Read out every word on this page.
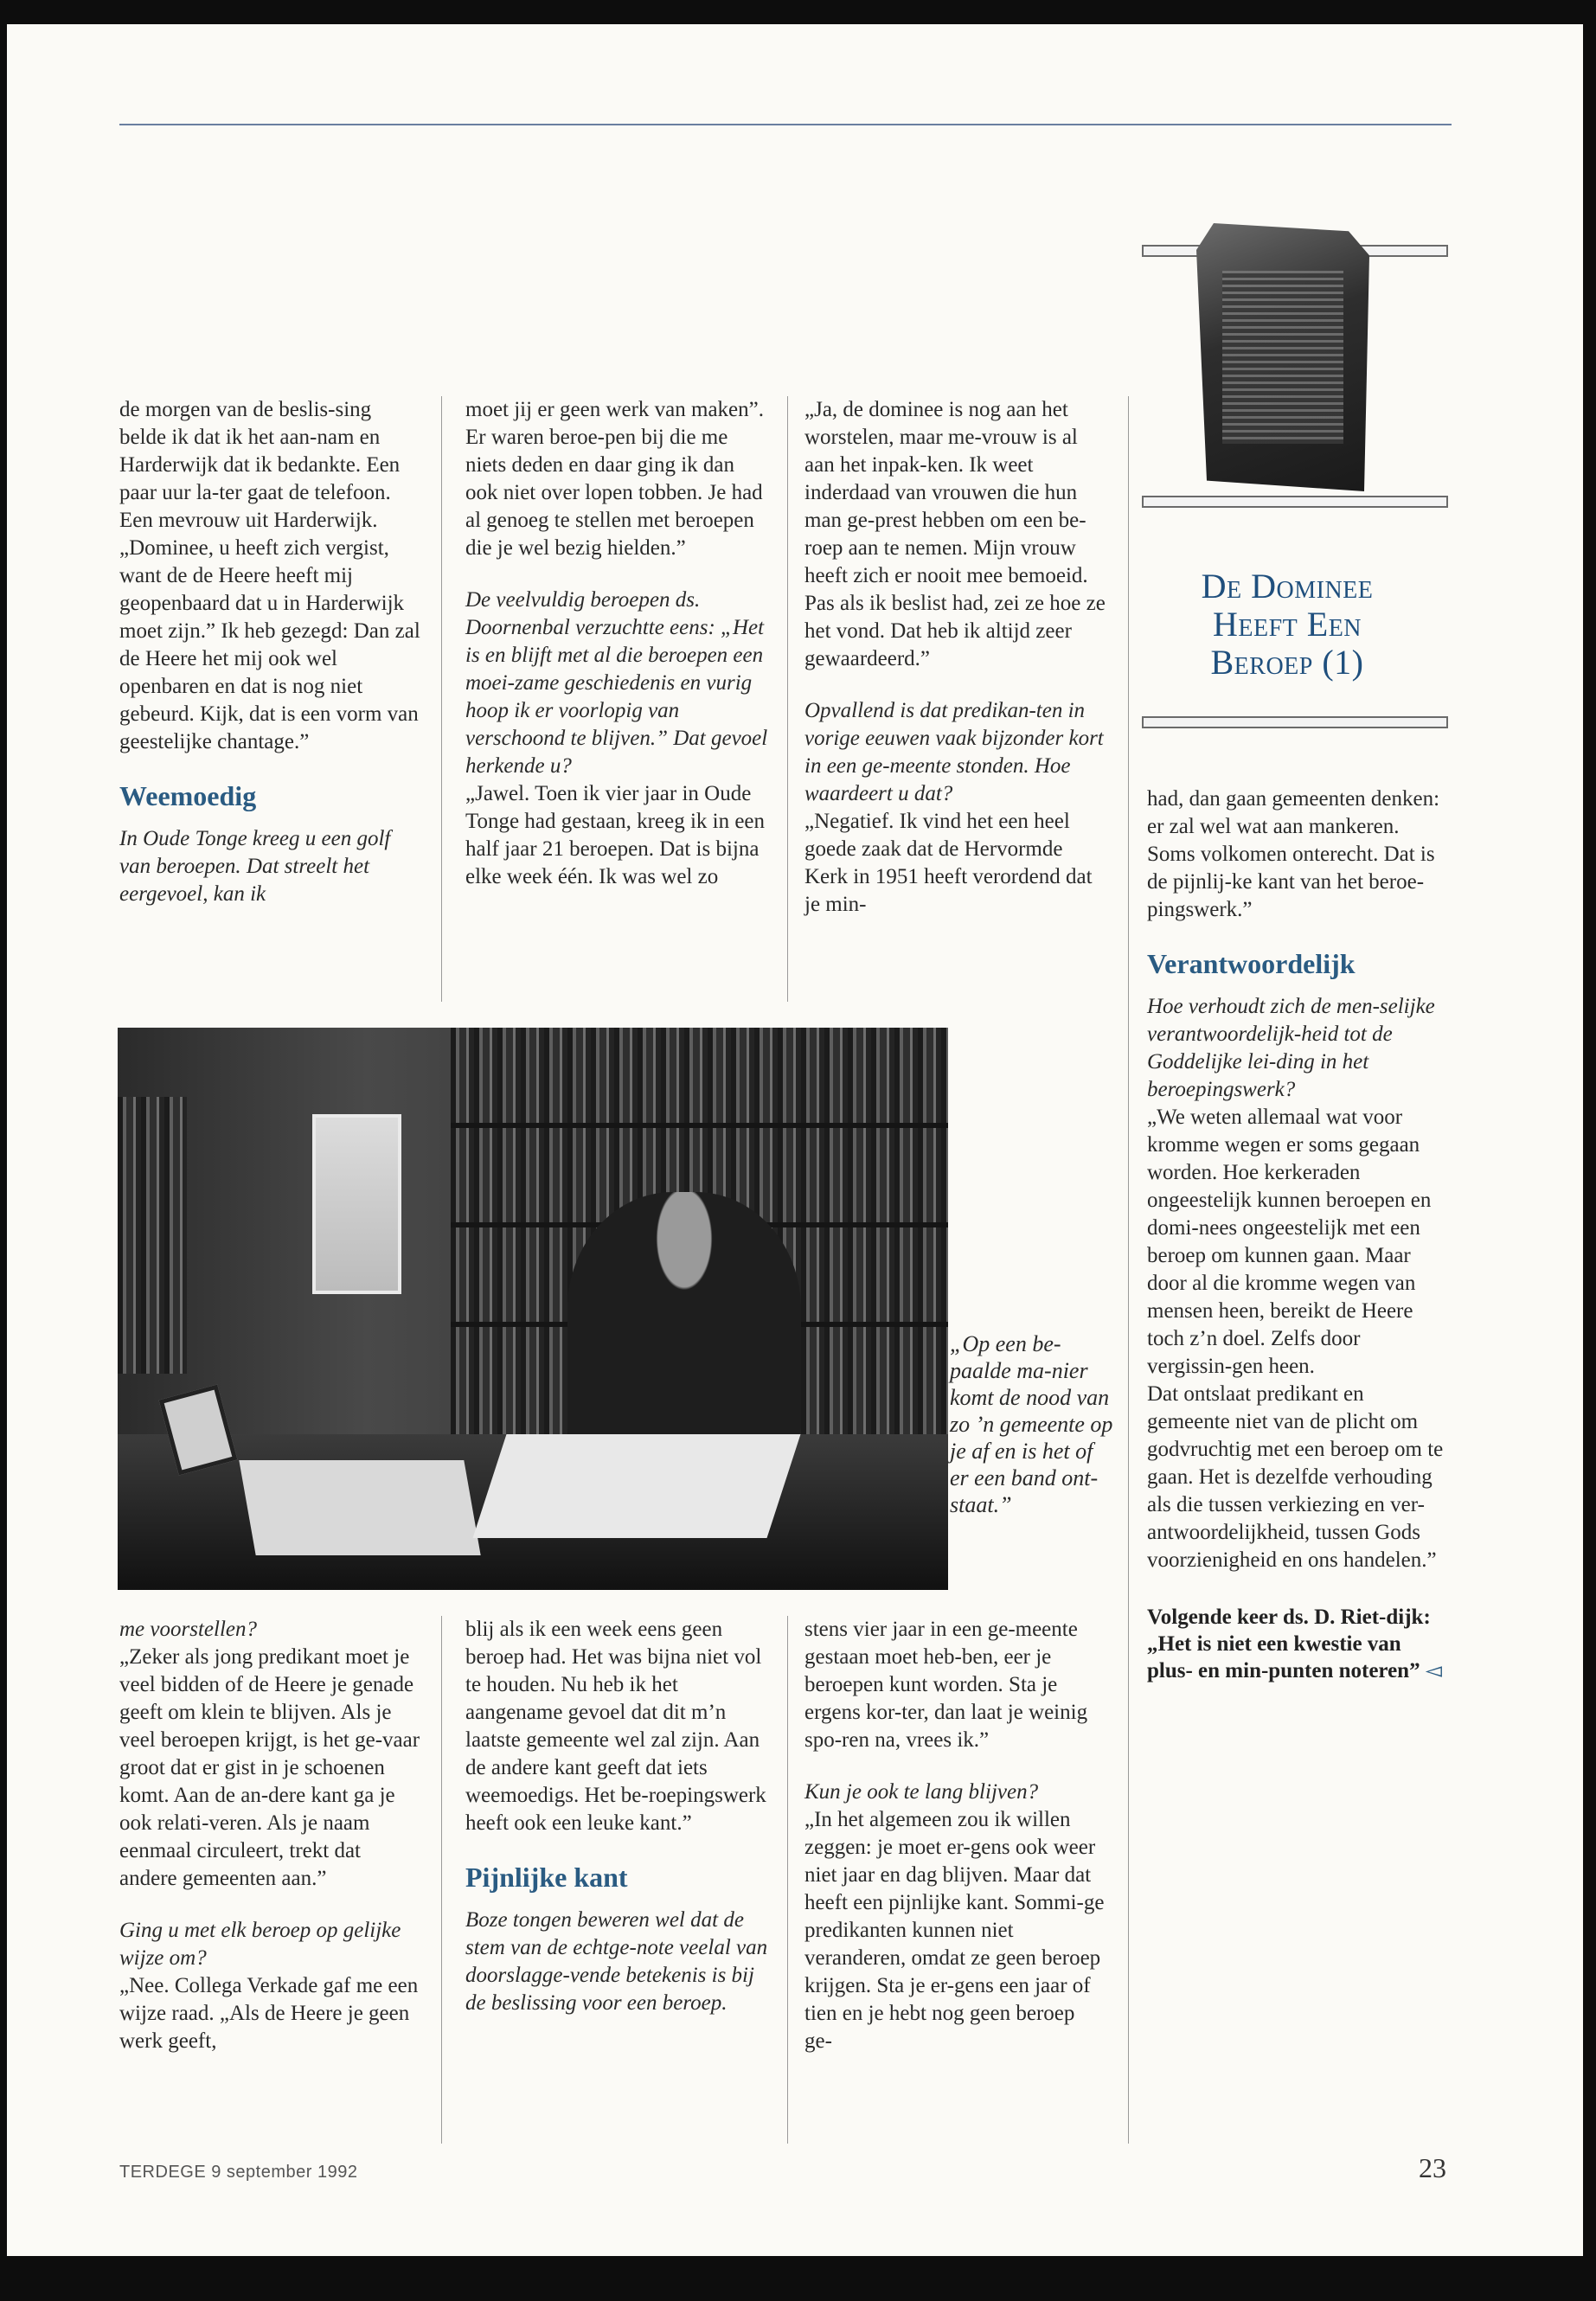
de morgen van de beslis-sing belde ik dat ik het aan-nam en Harderwijk dat ik bedankte. Een paar uur la-ter gaat de telefoon. Een mevrouw uit Harderwijk. „Dominee, u heeft zich vergist, want de de Heere heeft mij geopenbaard dat u in Harderwijk moet zijn.” Ik heb gezegd: Dan zal de Heere het mij ook wel openbaren en dat is nog niet gebeurd. Kijk, dat is een vorm van geestelijke chantage.”

Weemoedig

In Oude Tonge kreeg u een golf van beroepen. Dat streelt het eergevoel, kan ik

moet jij er geen werk van maken”. Er waren beroe-pen bij die me niets deden en daar ging ik dan ook niet over lopen tobben. Je had al genoeg te stellen met beroepen die je wel bezig hielden.”

De veelvuldig beroepen ds. Doornenbal verzuchtte eens: „Het is en blijft met al die beroepen een moei-zame geschiedenis en vurig hoop ik er voorlopig van verschoond te blijven.” Dat gevoel herkende u?

„Jawel. Toen ik vier jaar in Oude Tonge had gestaan, kreeg ik in een half jaar 21 beroepen. Dat is bijna elke week één. Ik was wel zo

„Ja, de dominee is nog aan het worstelen, maar me-vrouw is al aan het inpak-ken. Ik weet inderdaad van vrouwen die hun man ge-prest hebben om een be-roep aan te nemen. Mijn vrouw heeft zich er nooit mee bemoeid. Pas als ik beslist had, zei ze hoe ze het vond. Dat heb ik altijd zeer gewaardeerd.”

Opvallend is dat predikan-ten in vorige eeuwen vaak bijzonder kort in een ge-meente stonden. Hoe waardeert u dat?

„Negatief. Ik vind het een heel goede zaak dat de Hervormde Kerk in 1951 heeft verordend dat je min-

De Dominee
Heeft Een
Beroep (1)

had, dan gaan gemeenten denken: er zal wel wat aan mankeren. Soms volkomen onterecht. Dat is de pijnlij-ke kant van het beroe-pingswerk.”

Verantwoordelijk

Hoe verhoudt zich de men-selijke verantwoordelijk-heid tot de Goddelijke lei-ding in het beroepingswerk?

„We weten allemaal wat voor kromme wegen er soms gegaan worden. Hoe kerkeraden ongeestelijk kunnen beroepen en domi-nees ongeestelijk met een beroep om kunnen gaan. Maar door al die kromme wegen van mensen heen, bereikt de Heere toch z’n doel. Zelfs door vergissin-gen heen.

Dat ontslaat predikant en gemeente niet van de plicht om godvruchtig met een beroep om te gaan. Het is dezelfde verhouding als die tussen verkiezing en ver-antwoordelijkheid, tussen Gods voorzienigheid en ons handelen.”

Volgende keer ds. D. Riet-dijk: „Het is niet een kwestie van plus- en min-punten noteren” ◅

„Op een be-paalde ma-nier komt de nood van zo ’n gemeente op je af en is het of er een band ont-staat.”

me voorstellen?

„Zeker als jong predikant moet je veel bidden of de Heere je genade geeft om klein te blijven. Als je veel beroepen krijgt, is het ge-vaar groot dat er gist in je schoenen komt. Aan de an-dere kant ga je ook relati-veren. Als je naam eenmaal circuleert, trekt dat andere gemeenten aan.”

Ging u met elk beroep op gelijke wijze om?

„Nee. Collega Verkade gaf me een wijze raad. „Als de Heere je geen werk geeft,

blij als ik een week eens geen beroep had. Het was bijna niet vol te houden. Nu heb ik het aangename gevoel dat dit m’n laatste gemeente wel zal zijn. Aan de andere kant geeft dat iets weemoedigs. Het be-roepingswerk heeft ook een leuke kant.”

Pijnlijke kant

Boze tongen beweren wel dat de stem van de echtge-note veelal van doorslagge-vende betekenis is bij de beslissing voor een beroep.

stens vier jaar in een ge-meente gestaan moet heb-ben, eer je beroepen kunt worden. Sta je ergens kor-ter, dan laat je weinig spo-ren na, vrees ik.”

Kun je ook te lang blijven?

„In het algemeen zou ik willen zeggen: je moet er-gens ook weer niet jaar en dag blijven. Maar dat heeft een pijnlijke kant. Sommi-ge predikanten kunnen niet veranderen, omdat ze geen beroep krijgen. Sta je er-gens een jaar of tien en je hebt nog geen beroep ge-

TERDEGE 9 september 1992	23
